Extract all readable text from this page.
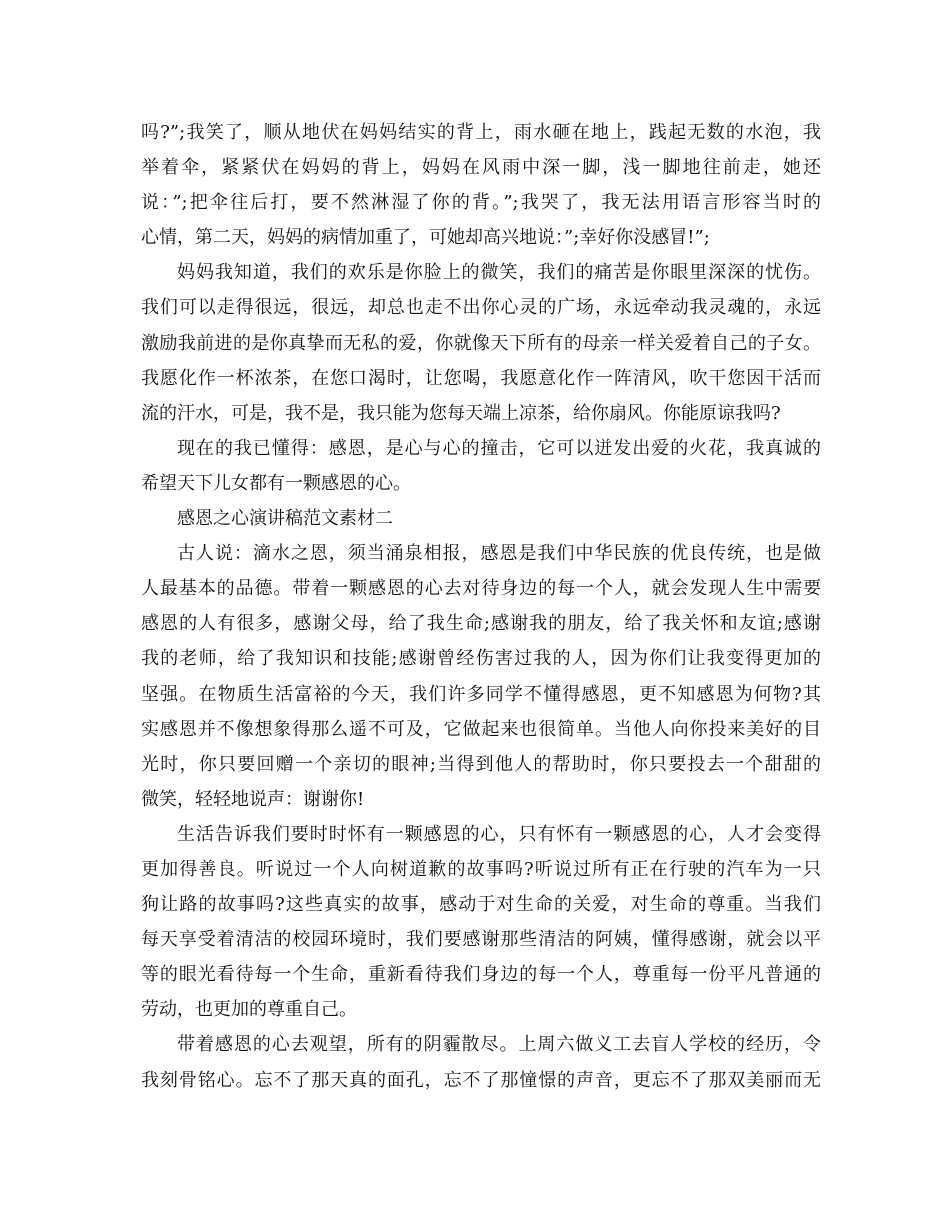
吗?”;我笑了，顺从地伏在妈妈结实的背上，雨水砸在地上，践起无数的水泡，我
举着伞，紧紧伏在妈妈的背上，妈妈在风雨中深一脚，浅一脚地往前走，她还
说：”;把伞往后打，要不然淋湿了你的背。”;我哭了，我无法用语言形容当时的
心情，第二天，妈妈的病情加重了，可她却高兴地说：”;幸好你没感冒!”;
妈妈我知道，我们的欢乐是你脸上的微笑，我们的痛苦是你眼里深深的忧伤。
我们可以走得很远，很远，却总也走不出你心灵的广场，永远牵动我灵魂的，永远
激励我前进的是你真挚而无私的爱，你就像天下所有的母亲一样关爱着自己的子女。
我愿化作一杯浓茶，在您口渴时，让您喝，我愿意化作一阵清风，吹干您因干活而
流的汗水，可是，我不是，我只能为您每天端上凉茶，给你扇风。你能原谅我吗?
现在的我已懂得：感恩，是心与心的撞击，它可以迸发出爱的火花，我真诚的
希望天下儿女都有一颗感恩的心。
感恩之心演讲稿范文素材二
古人说：滴水之恩，须当涌泉相报，感恩是我们中华民族的优良传统，也是做
人最基本的品德。带着一颗感恩的心去对待身边的每一个人，就会发现人生中需要
感恩的人有很多，感谢父母，给了我生命;感谢我的朋友，给了我关怀和友谊;感谢
我的老师，给了我知识和技能;感谢曾经伤害过我的人，因为你们让我变得更加的
坚强。在物质生活富裕的今天，我们许多同学不懂得感恩，更不知感恩为何物?其
实感恩并不像想象得那么遥不可及，它做起来也很简单。当他人向你投来美好的目
光时，你只要回赠一个亲切的眼神;当得到他人的帮助时，你只要投去一个甜甜的
微笑，轻轻地说声：谢谢你!
生活告诉我们要时时怀有一颗感恩的心，只有怀有一颗感恩的心，人才会变得
更加得善良。听说过一个人向树道歉的故事吗?听说过所有正在行驶的汽车为一只
狗让路的故事吗?这些真实的故事，感动于对生命的关爱，对生命的尊重。当我们
每天享受着清洁的校园环境时，我们要感谢那些清洁的阿姨，懂得感谢，就会以平
等的眼光看待每一个生命，重新看待我们身边的每一个人，尊重每一份平凡普通的
劳动，也更加的尊重自己。
带着感恩的心去观望，所有的阴霾散尽。上周六做义工去盲人学校的经历，令
我刻骨铭心。忘不了那天真的面孔，忘不了那憧憬的声音，更忘不了那双美丽而无
